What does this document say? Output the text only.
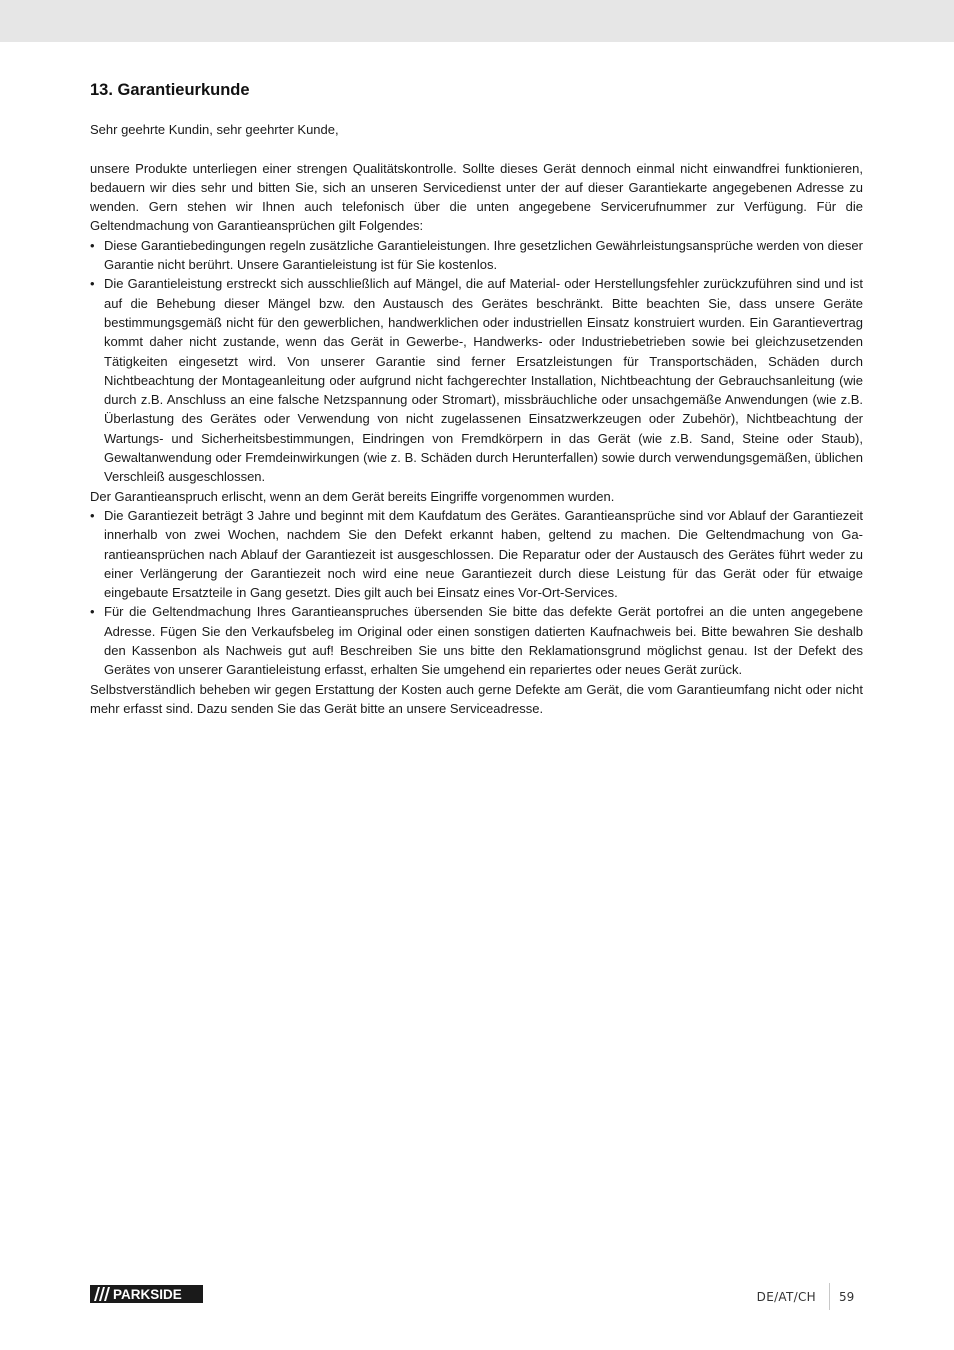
13. Garantieurkunde

Sehr geehrte Kundin, sehr geehrter Kunde,

unsere Produkte unterliegen einer strengen Qualitätskontrolle. Sollte dieses Gerät dennoch einmal nicht einwandfrei funktionieren, bedauern wir dies sehr und bitten Sie, sich an unseren Servicedienst unter der auf dieser Garantiekarte angegebenen Adresse zu wenden. Gern stehen wir Ihnen auch telefonisch über die unten angegebene Servicerufnummer zur Verfügung. Für die Geltendmachung von Garantieansprüchen gilt Folgendes:

• Diese Garantiebedingungen regeln zusätzliche Garantieleistungen. Ihre gesetzlichen Gewährleistungsansprüche werden von dieser Garantie nicht berührt. Unsere Garantieleistung ist für Sie kostenlos.
• Die Garantieleistung erstreckt sich ausschließlich auf Mängel, die auf Material- oder Herstellungsfehler zurückzuführen sind und ist auf die Behebung dieser Mängel bzw. den Austausch des Gerätes beschränkt. Bitte beachten Sie, dass unsere Geräte bestimmungsgemäß nicht für den gewerblichen, handwerklichen oder industriellen Einsatz konstruiert wurden. Ein Garantievertrag kommt daher nicht zustande, wenn das Gerät in Gewerbe-, Handwerks- oder Industriebetrieben sowie bei gleichzusetzenden Tätigkeiten eingesetzt wird. Von unserer Garantie sind ferner Ersatzleistungen für Transportschäden, Schäden durch Nichtbeachtung der Montageanleitung oder aufgrund nicht fachgerechter Installation, Nichtbeachtung der Gebrauchsanleitung (wie durch z.B. Anschluss an eine falsche Netzspannung oder Stromart), missbräuchliche oder unsachgemäße Anwendungen (wie z.B. Überlastung des Gerätes oder Verwendung von nicht zugelassenen Einsatzwerkzeugen oder Zubehör), Nichtbeachtung der Wartungs- und Sicherheitsbestimmungen, Eindringen von Fremdkörpern in das Gerät (wie z.B. Sand, Steine oder Staub), Gewaltanwendung oder Fremdeinwirkungen (wie z. B. Schäden durch Herunterfallen) sowie durch verwendungsgemäßen, üblichen Verschleiß ausgeschlossen.

Der Garantieanspruch erlischt, wenn an dem Gerät bereits Eingriffe vorgenommen wurden.

• Die Garantiezeit beträgt 3 Jahre und beginnt mit dem Kaufdatum des Gerätes. Garantieansprüche sind vor Ablauf der Garantiezeit innerhalb von zwei Wochen, nachdem Sie den Defekt erkannt haben, geltend zu machen. Die Geltendmachung von Garantieansprüchen nach Ablauf der Garantiezeit ist ausgeschlossen. Die Reparatur oder der Austausch des Gerätes führt weder zu einer Verlängerung der Garantiezeit noch wird eine neue Garantiezeit durch diese Leistung für das Gerät oder für etwaige eingebaute Ersatzteile in Gang gesetzt. Dies gilt auch bei Einsatz eines Vor-Ort-Services.
• Für die Geltendmachung Ihres Garantieanspruches übersenden Sie bitte das defekte Gerät portofrei an die unten angegebene Adresse. Fügen Sie den Verkaufsbeleg im Original oder einen sonstigen datierten Kaufnachweis bei. Bitte bewahren Sie deshalb den Kassenbon als Nachweis gut auf! Beschreiben Sie uns bitte den Reklamationsgrund möglichst genau. Ist der Defekt des Gerätes von unserer Garantieleistung erfasst, erhalten Sie umgehend ein repariertes oder neues Gerät zurück.

Selbstverständlich beheben wir gegen Erstattung der Kosten auch gerne Defekte am Gerät, die vom Garantieumfang nicht oder nicht mehr erfasst sind. Dazu senden Sie das Gerät bitte an unsere Serviceadresse.

PARKSIDE	DE/AT/CH 59
